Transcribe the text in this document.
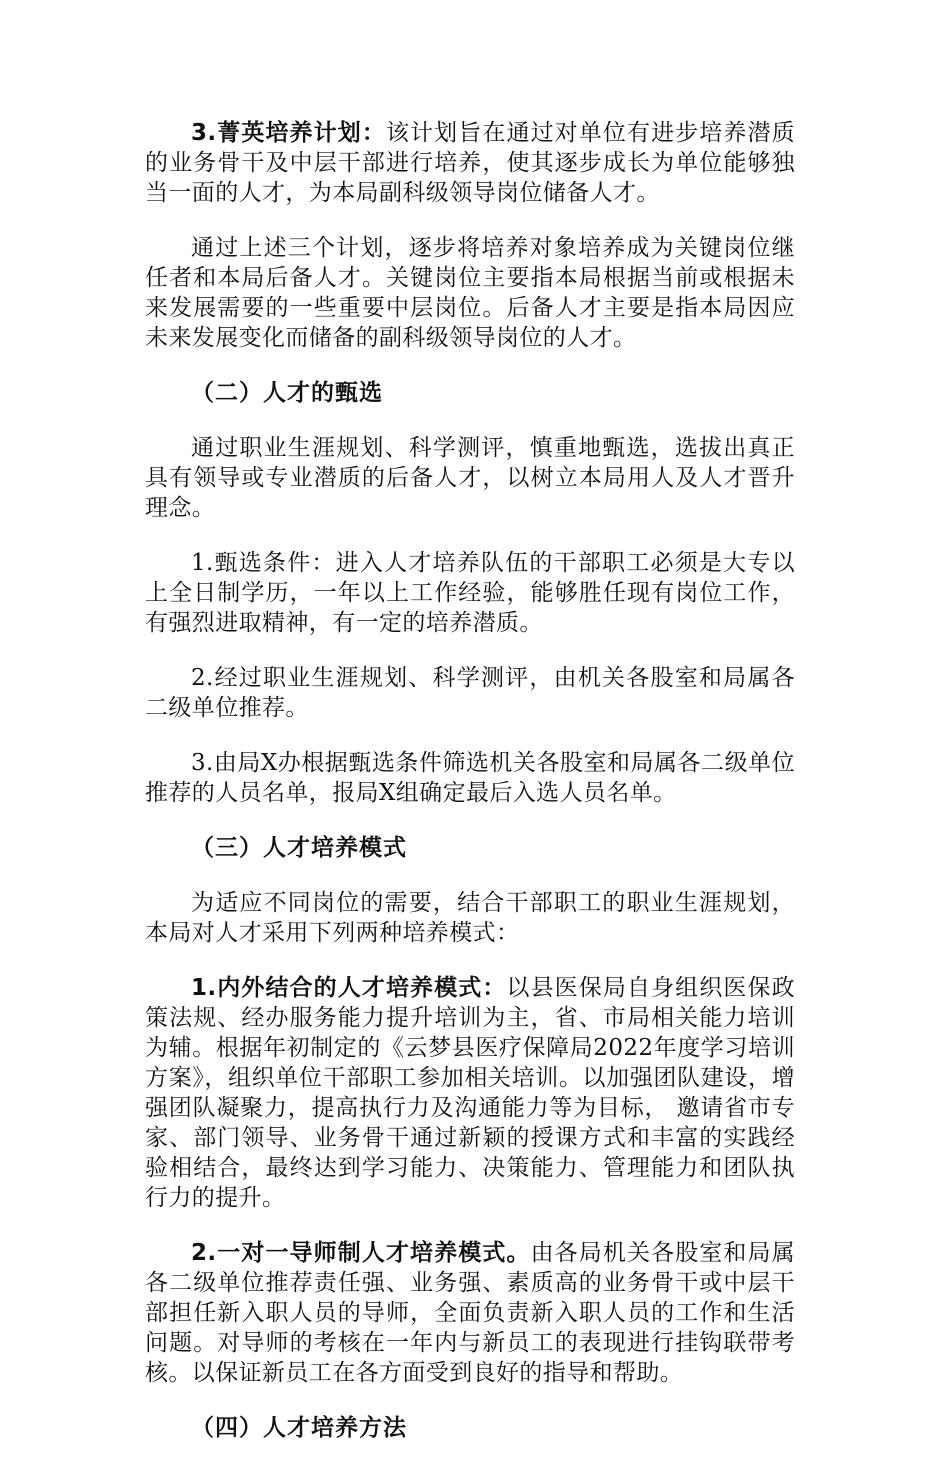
3.菁英培养计划：该计划旨在通过对单位有进步培养潜质的业务骨干及中层干部进行培养，使其逐步成长为单位能够独当一面的人才，为本局副科级领导岗位储备人才。

通过上述三个计划，逐步将培养对象培养成为关键岗位继任者和本局后备人才。关键岗位主要指本局根据当前或根据未来发展需要的一些重要中层岗位。后备人才主要是指本局因应未来发展变化而储备的副科级领导岗位的人才。

（二）人才的甄选

通过职业生涯规划、科学测评，慎重地甄选，选拔出真正具有领导或专业潜质的后备人才，以树立本局用人及人才晋升理念。

1.甄选条件：进入人才培养队伍的干部职工必须是大专以上全日制学历，一年以上工作经验，能够胜任现有岗位工作，有强烈进取精神，有一定的培养潜质。

2.经过职业生涯规划、科学测评，由机关各股室和局属各二级单位推荐。

3.由局X办根据甄选条件筛选机关各股室和局属各二级单位推荐的人员名单，报局X组确定最后入选人员名单。

（三）人才培养模式

为适应不同岗位的需要，结合干部职工的职业生涯规划，本局对人才采用下列两种培养模式：

1.内外结合的人才培养模式：以县医保局自身组织医保政策法规、经办服务能力提升培训为主，省、市局相关能力培训为辅。根据年初制定的《云梦县医疗保障局2022年度学习培训方案》，组织单位干部职工参加相关培训。以加强团队建设，增强团队凝聚力，提高执行力及沟通能力等为目标， 邀请省市专家、部门领导、业务骨干通过新颖的授课方式和丰富的实践经验相结合，最终达到学习能力、决策能力、管理能力和团队执行力的提升。

2.一对一导师制人才培养模式。由各局机关各股室和局属各二级单位推荐责任强、业务强、素质高的业务骨干或中层干部担任新入职人员的导师，全面负责新入职人员的工作和生活问题。对导师的考核在一年内与新员工的表现进行挂钩联带考核。以保证新员工在各方面受到良好的指导和帮助。

（四）人才培养方法
